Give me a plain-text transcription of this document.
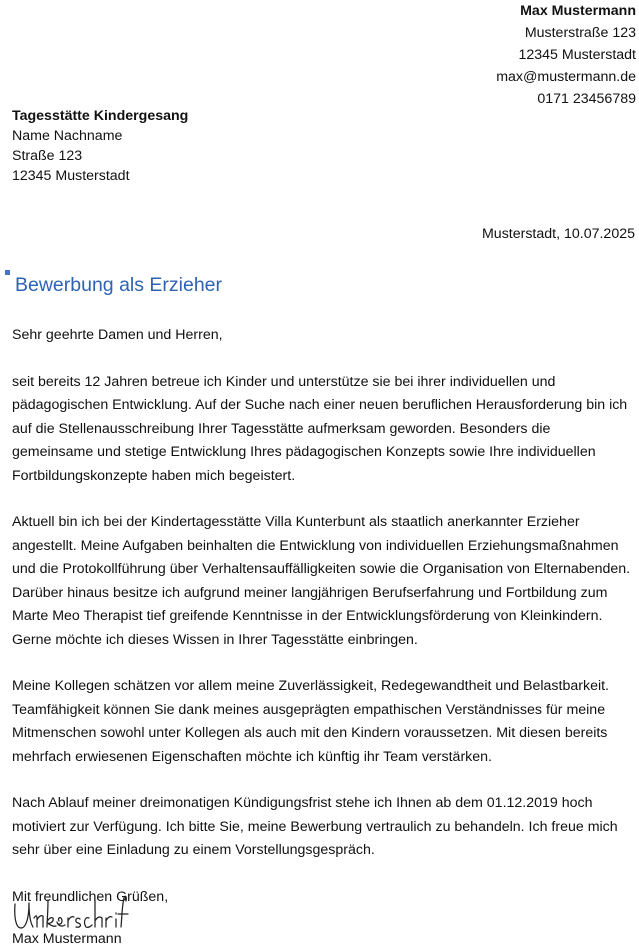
Max Mustermann
Musterstraße 123
12345 Musterstadt
max@mustermann.de
0171 23456789
Tagesstätte Kindergesang
Name Nachname
Straße 123
12345 Musterstadt
Musterstadt, 10.07.2025
Bewerbung als Erzieher

Sehr geehrte Damen und Herren,

seit bereits 12 Jahren betreue ich Kinder und unterstütze sie bei ihrer individuellen und pädagogischen Entwicklung. Auf der Suche nach einer neuen beruflichen Herausforderung bin ich auf die Stellenausschreibung Ihrer Tagesstätte aufmerksam geworden. Besonders die gemeinsame und stetige Entwicklung Ihres pädagogischen Konzepts sowie Ihre individuellen Fortbildungskonzepte haben mich begeistert.

Aktuell bin ich bei der Kindertagesstätte Villa Kunterbunt als staatlich anerkannter Erzieher angestellt. Meine Aufgaben beinhalten die Entwicklung von individuellen Erziehungsmaßnahmen und die Protokollführung über Verhaltensauffälligkeiten sowie die Organisation von Elternabenden. Darüber hinaus besitze ich aufgrund meiner langjährigen Berufserfahrung und Fortbildung zum Marte Meo Therapist tief greifende Kenntnisse in der Entwicklungsförderung von Kleinkindern. Gerne möchte ich dieses Wissen in Ihrer Tagesstätte einbringen.

Meine Kollegen schätzen vor allem meine Zuverlässigkeit, Redegewandtheit und Belastbarkeit. Teamfähigkeit können Sie dank meines ausgeprägten empathischen Verständnisses für meine Mitmenschen sowohl unter Kollegen als auch mit den Kindern voraussetzen. Mit diesen bereits mehrfach erwiesenen Eigenschaften möchte ich künftig ihr Team verstärken.

Nach Ablauf meiner dreimonatigen Kündigungsfrist stehe ich Ihnen ab dem 01.12.2019 hoch motiviert zur Verfügung. Ich bitte Sie, meine Bewerbung vertraulich zu behandeln. Ich freue mich sehr über eine Einladung zu einem Vorstellungsgespräch.

Mit freundlichen Grüßen,

Max Mustermann
